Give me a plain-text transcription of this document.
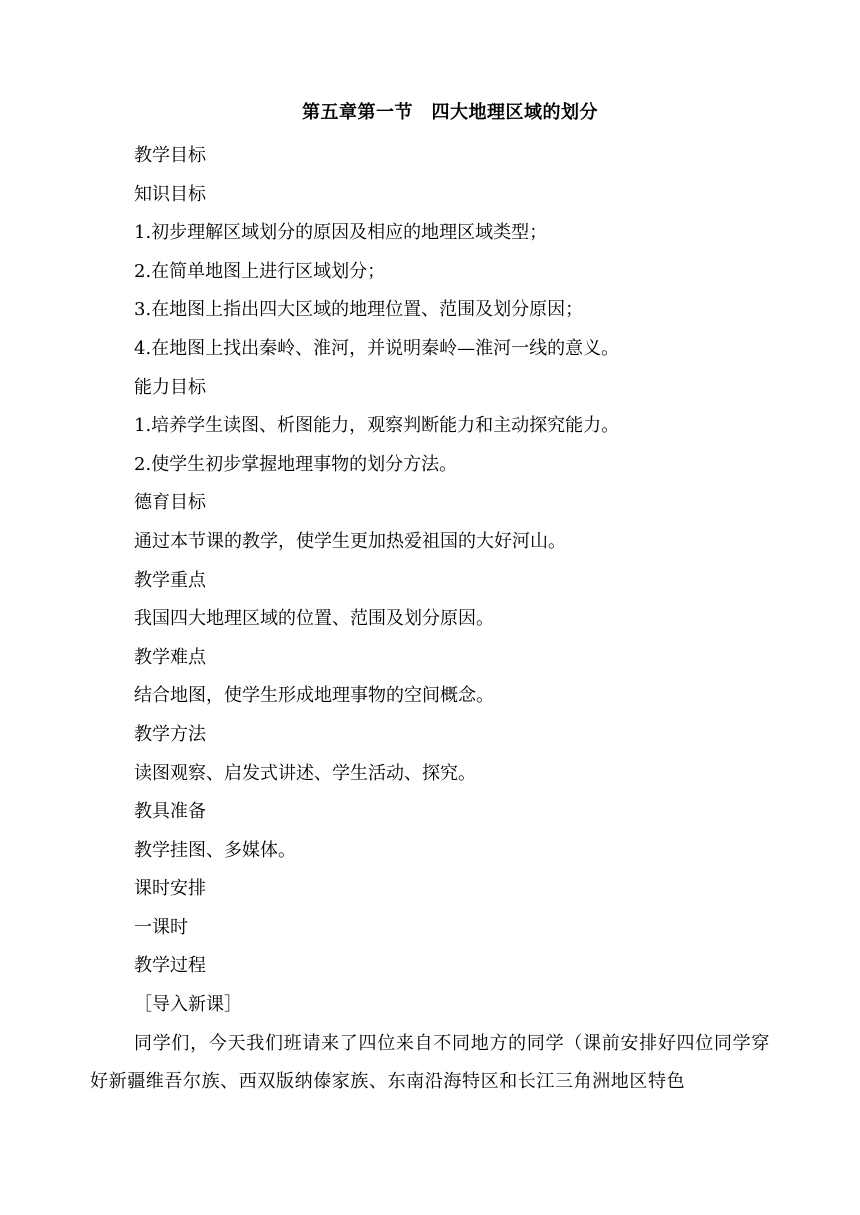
第五章第一节　四大地理区域的划分
教学目标
知识目标
1.初步理解区域划分的原因及相应的地理区域类型；
2.在简单地图上进行区域划分；
3.在地图上指出四大区域的地理位置、范围及划分原因；
4.在地图上找出秦岭、淮河，并说明秦岭—淮河一线的意义。
能力目标
1.培养学生读图、析图能力，观察判断能力和主动探究能力。
2.使学生初步掌握地理事物的划分方法。
德育目标
通过本节课的教学，使学生更加热爱祖国的大好河山。
教学重点
我国四大地理区域的位置、范围及划分原因。
教学难点
结合地图，使学生形成地理事物的空间概念。
教学方法
读图观察、启发式讲述、学生活动、探究。
教具准备
教学挂图、多媒体。
课时安排
一课时
教学过程
［导入新课］

同学们，今天我们班请来了四位来自不同地方的同学（课前安排好四位同学穿好新疆维吾尔族、西双版纳傣家族、东南沿海特区和长江三角洲地区特色
